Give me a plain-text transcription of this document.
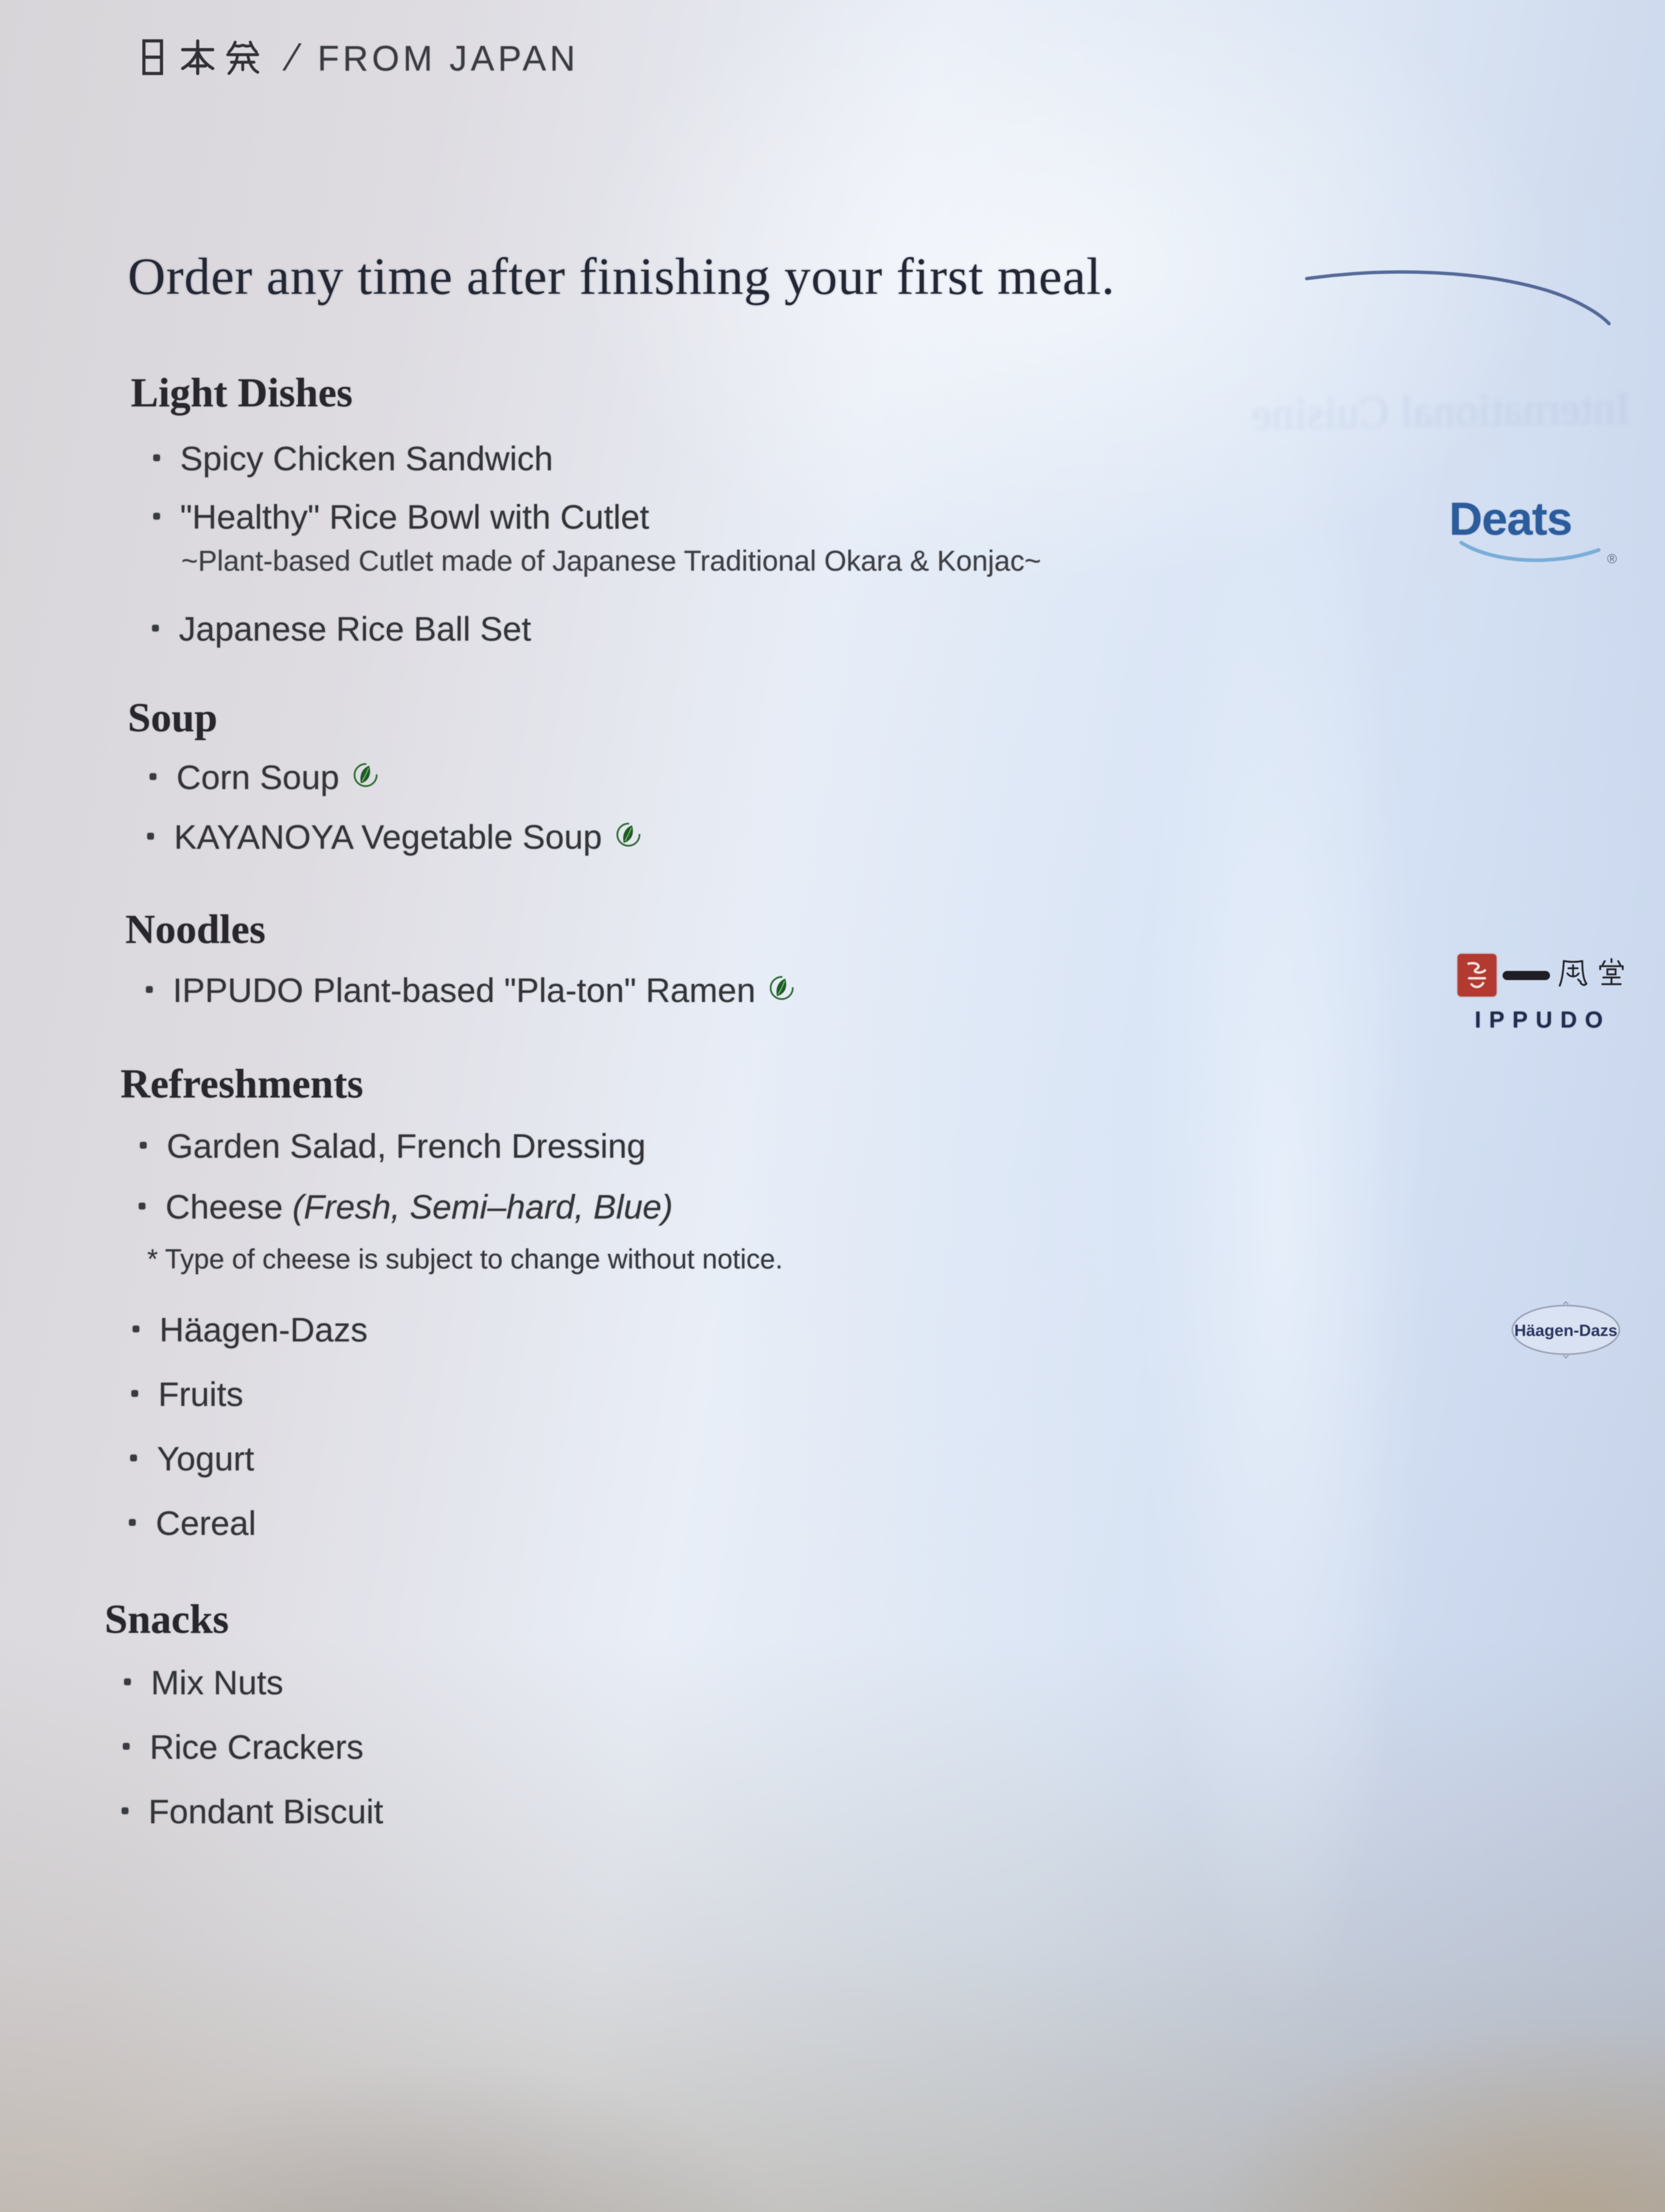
International Cuisine
/ FROM JAPAN
Order any time after finishing your first meal.
Light Dishes
Spicy Chicken Sandwich
"Healthy" Rice Bowl with Cutlet
~Plant-based Cutlet made of Japanese Traditional Okara & Konjac~
Japanese Rice Ball Set
Deats
®
Soup
Corn Soup
KAYANOYA Vegetable Soup
Noodles
IPPUDO Plant-based "Pla-ton" Ramen
IPPUDO
Refreshments
Garden Salad, French Dressing
Cheese (Fresh, Semi–hard, Blue)
* Type of cheese is subject to change without notice.
Häagen-Dazs
Fruits
Yogurt
Cereal
Häagen-Dazs
Snacks
Mix Nuts
Rice Crackers
Fondant Biscuit
